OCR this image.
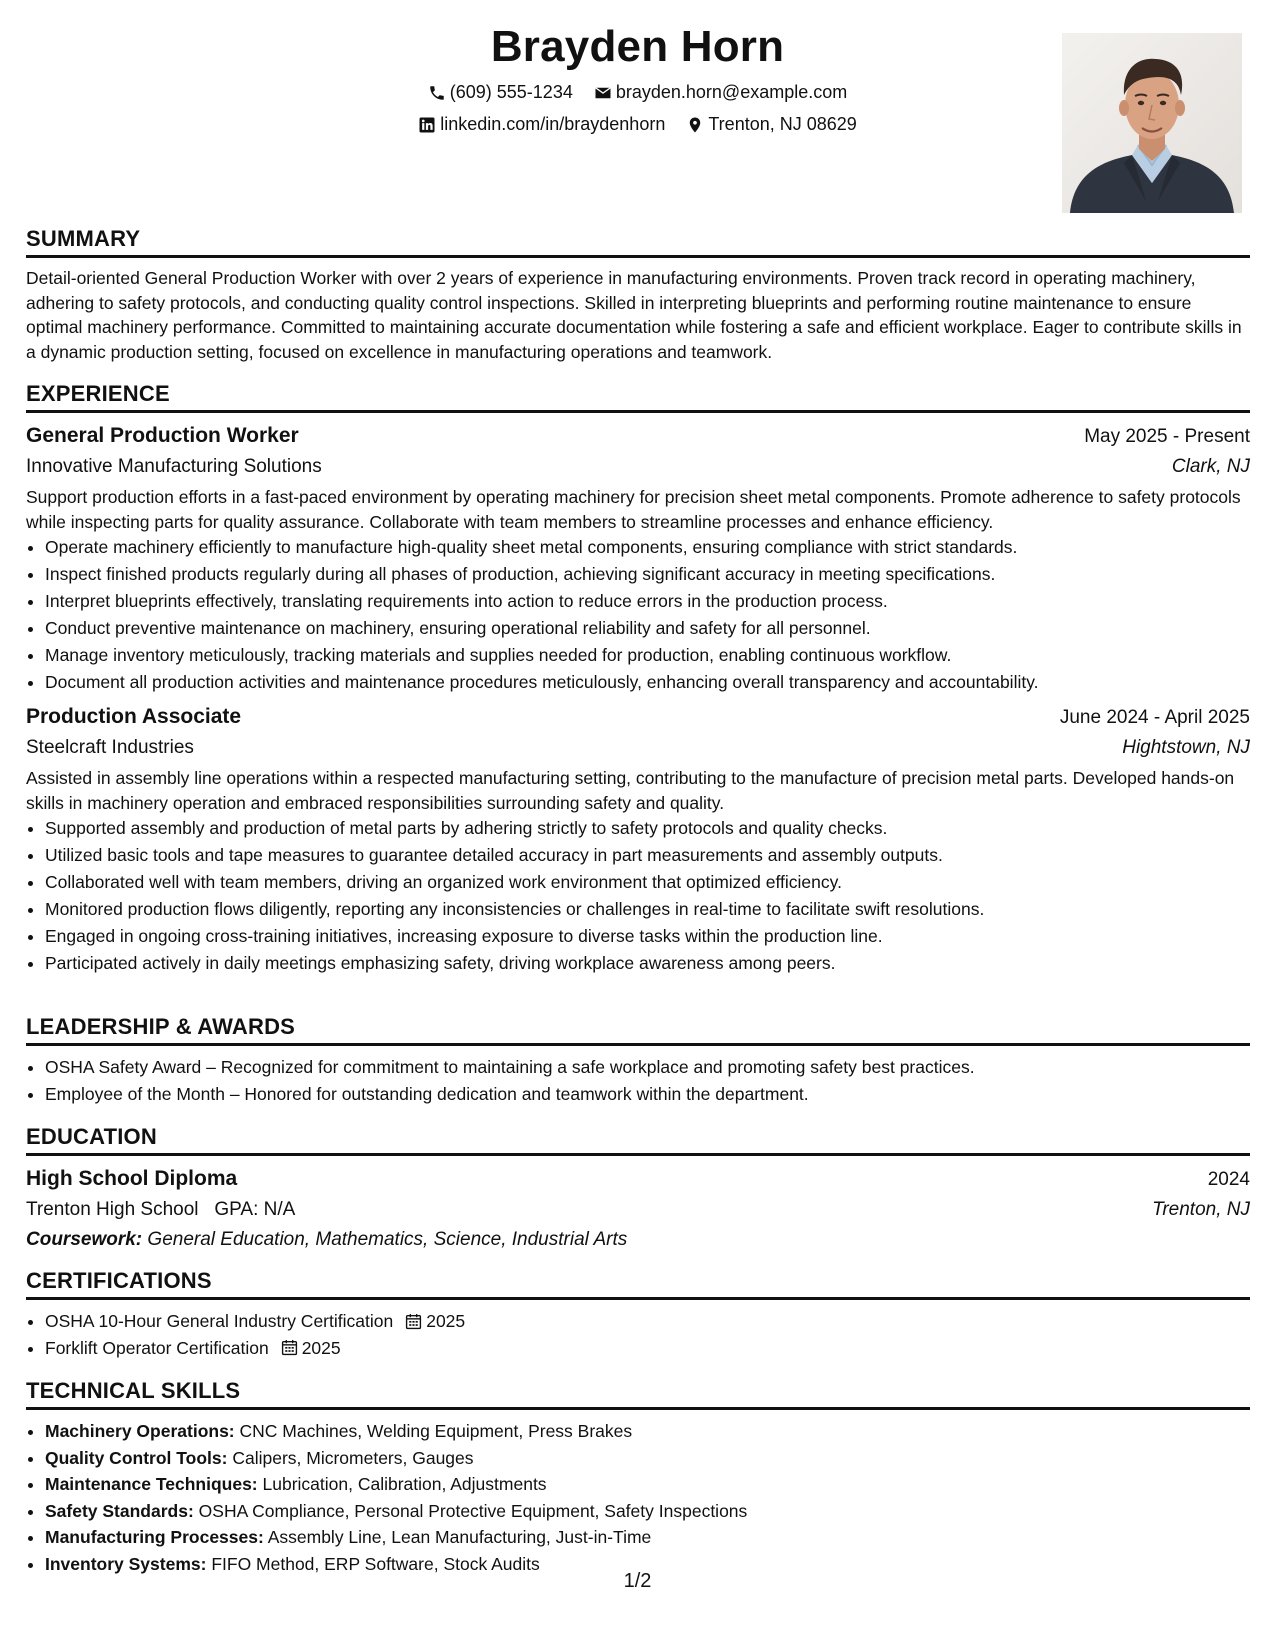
Brayden Horn
(609) 555-1234
brayden.horn@example.com
linkedin.com/in/braydenhorn
Trenton, NJ 08629
SUMMARY

Detail-oriented General Production Worker with over 2 years of experience in manufacturing environments. Proven track record in operating machinery, adhering to safety protocols, and conducting quality control inspections. Skilled in interpreting blueprints and performing routine maintenance to ensure optimal machinery performance. Committed to maintaining accurate documentation while fostering a safe and efficient workplace. Eager to contribute skills in a dynamic production setting, focused on excellence in manufacturing operations and teamwork.

EXPERIENCE
General Production Worker	May 2025 - Present
Innovative Manufacturing Solutions	Clark, NJ

Support production efforts in a fast-paced environment by operating machinery for precision sheet metal components. Promote adherence to safety protocols while inspecting parts for quality assurance. Collaborate with team members to streamline processes and enhance efficiency.

• Operate machinery efficiently to manufacture high-quality sheet metal components, ensuring compliance with strict standards.
• Inspect finished products regularly during all phases of production, achieving significant accuracy in meeting specifications.
• Interpret blueprints effectively, translating requirements into action to reduce errors in the production process.
• Conduct preventive maintenance on machinery, ensuring operational reliability and safety for all personnel.
• Manage inventory meticulously, tracking materials and supplies needed for production, enabling continuous workflow.
• Document all production activities and maintenance procedures meticulously, enhancing overall transparency and accountability.
Production Associate	June 2024 - April 2025
Steelcraft Industries	Hightstown, NJ

Assisted in assembly line operations within a respected manufacturing setting, contributing to the manufacture of precision metal parts. Developed hands-on skills in machinery operation and embraced responsibilities surrounding safety and quality.

• Supported assembly and production of metal parts by adhering strictly to safety protocols and quality checks.
• Utilized basic tools and tape measures to guarantee detailed accuracy in part measurements and assembly outputs.
• Collaborated well with team members, driving an organized work environment that optimized efficiency.
• Monitored production flows diligently, reporting any inconsistencies or challenges in real-time to facilitate swift resolutions.
• Engaged in ongoing cross-training initiatives, increasing exposure to diverse tasks within the production line.
• Participated actively in daily meetings emphasizing safety, driving workplace awareness among peers.
LEADERSHIP & AWARDS
• OSHA Safety Award – Recognized for commitment to maintaining a safe workplace and promoting safety best practices.
• Employee of the Month – Honored for outstanding dedication and teamwork within the department.
EDUCATION
High School Diploma	2024
Trenton High School GPA: N/A	Trenton, NJ
Coursework: General Education, Mathematics, Science, Industrial Arts
CERTIFICATIONS
• OSHA 10-Hour General Industry Certification 2025
• Forklift Operator Certification 2025
TECHNICAL SKILLS
• Machinery Operations: CNC Machines, Welding Equipment, Press Brakes
• Quality Control Tools: Calipers, Micrometers, Gauges
• Maintenance Techniques: Lubrication, Calibration, Adjustments
• Safety Standards: OSHA Compliance, Personal Protective Equipment, Safety Inspections
• Manufacturing Processes: Assembly Line, Lean Manufacturing, Just-in-Time
• Inventory Systems: FIFO Method, ERP Software, Stock Audits
1/2
